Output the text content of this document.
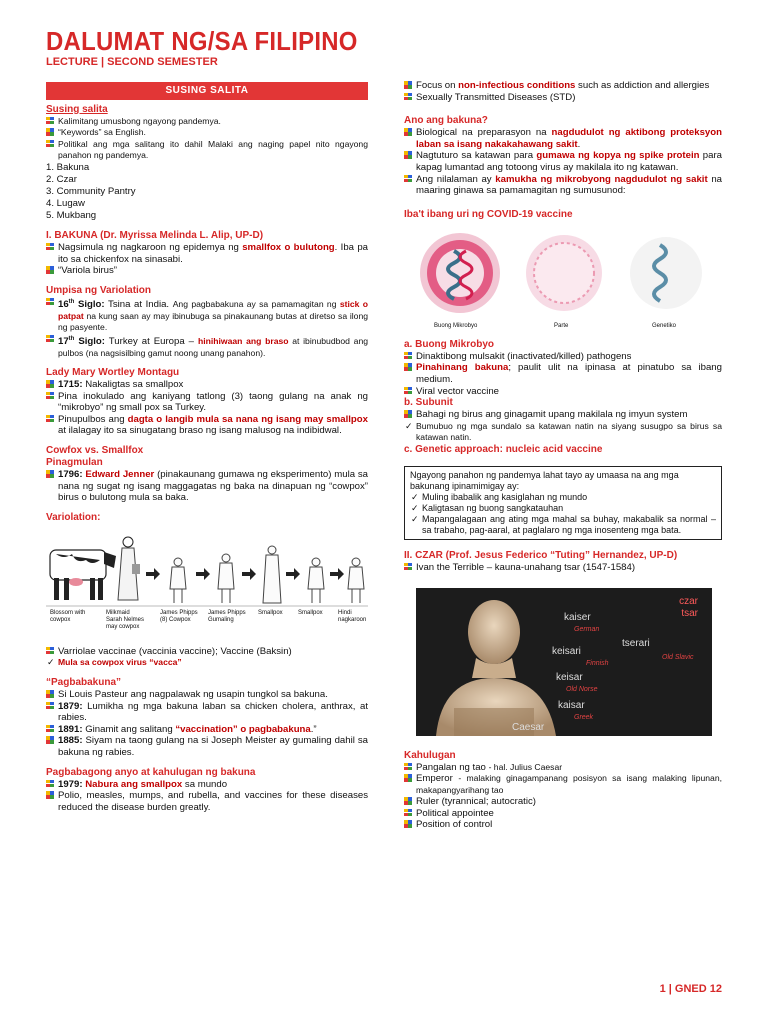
DALUMAT NG/SA FILIPINO
LECTURE | SECOND SEMESTER
SUSING SALITA
Susing salita
Kalimitang umusbong ngayong pandemya.
“Keywords” sa English.
Politikal ang mga salitang ito dahil Malaki ang naging papel nito ngayong panahon ng pandemya.
1. Bakuna
2. Czar
3. Community Pantry
4. Lugaw
5. Mukbang
I. BAKUNA (Dr. Myrissa Melinda L. Alip, UP-D)
Nagsimula ng nagkaroon ng epidemya ng smallfox o bulutong. Iba pa ito sa chickenfox na sinasabi.
“Variola birus”
Umpisa ng Variolation
16th Siglo: Tsina at India. Ang pagbabakuna ay sa pamamagitan ng stick o patpat na kung saan ay may ibinubuga sa pinakaunang butas at diretso sa ilong ng pasyente.
17th Siglo: Turkey at Europa – hinihiwaan ang braso at ibinubudbod ang pulbos (na nagsisilbing gamut noong unang panahon).
Lady Mary Wortley Montagu
1715: Nakaligtas sa smallpox
Pina inokulado ang kaniyang tatlong (3) taong gulang na anak ng “mikrobyo” ng small pox sa Turkey.
Pinupulbos ang dagta o langib mula sa nana ng isang may smallpox at ilalagay ito sa sinugatang braso ng isang malusog na indibidwal.
Cowfox vs. Smallfox
Pinagmulan
1796: Edward Jenner (pinakaunang gumawa ng eksperimento) mula sa nana ng sugat ng isang maggagatas ng baka na dinapuan ng “cowpox” birus o bulutong mula sa baka.
Variolation:
Blossom with cowpox
Milkmaid Sarah Nelmes may cowpox
James Phipps (8) Cowpox
James Phipps Gumaling
Smallpox	Smallpox	Hindi nagkaroon
Varriolae vaccinae (vaccinia vaccine); Vaccine (Baksin)
✓ Mula sa cowpox virus “vacca”
“Pagbabakuna”
Si Louis Pasteur ang nagpalawak ng usapin tungkol sa bakuna.
1879: Lumikha ng mga bakuna laban sa chicken cholera, anthrax, at rabies.
1891: Ginamit ang salitang “vaccination” o pagbabakuna.”
1885: Siyam na taong gulang na si Joseph Meister ay gumaling dahil sa bakuna ng rabies.
Pagbabagong anyo at kahulugan ng bakuna
1979: Nabura ang smallpox sa mundo
Polio, measles, mumps, and rubella, and vaccines for these diseases reduced the disease burden greatly.
Focus on non-infectious conditions such as addiction and allergies
Sexually Transmitted Diseases (STD)
Ano ang bakuna?
Biological na preparasyon na nagdudulot ng aktibong proteksyon laban sa isang nakakahawang sakit.
Nagtuturo sa katawan para gumawa ng kopya ng spike protein para kapag lumantad ang totoong virus ay makilala ito ng katawan.
Ang nilalaman ay kamukha ng mikrobyong nagdudulot ng sakit na maaring ginawa sa pamamagitan ng sumusunod:
Iba't ibang uri ng COVID-19 vaccine
Buong Mikrobyo	Parte	Genetiko
a. Buong Mikrobyo
Dinaktibong mulsakit (inactivated/killed) pathogens
Pinahinang bakuna; paulit ulit na ipinasa at pinatubo sa ibang medium.
Viral vector vaccine
b. Subunit
Bahagi ng birus ang ginagamit upang makilala ng imyun system
✓ Bumubuo ng mga sundalo sa katawan natin na siyang susugpo sa birus sa katawan natin.
c. Genetic approach: nucleic acid vaccine
Ngayong panahon ng pandemya lahat tayo ay umaasa na ang mga bakunang ipinamimigay ay:
✓ Muling ibabalik ang kasiglahan ng mundo
✓ Kaligtasan ng buong sangkatauhan
✓ Mapangalagaan ang ating mga mahal sa buhay, makabalik sa normal – sa trabaho, pag-aaral, at paglalaro ng mga inosenteng mga bata.
II. CZAR (Prof. Jesus Federico “Tuting” Hernandez, UP-D)
Ivan the Terrible – kauna-unahang tsar (1547-1584)
czar
tsar
kaiser
German
tserari
Old Slavic
keisari
Finnish
keisar
Old Norse
kaisar
Greek
Caesar
Kahulugan
Pangalan ng tao - hal. Julius Caesar
Emperor - malaking ginagampanang posisyon sa isang malaking lipunan, makapangyarihang tao
Ruler (tyrannical; autocratic)
Political appointee
Position of control
1 | GNED 12
